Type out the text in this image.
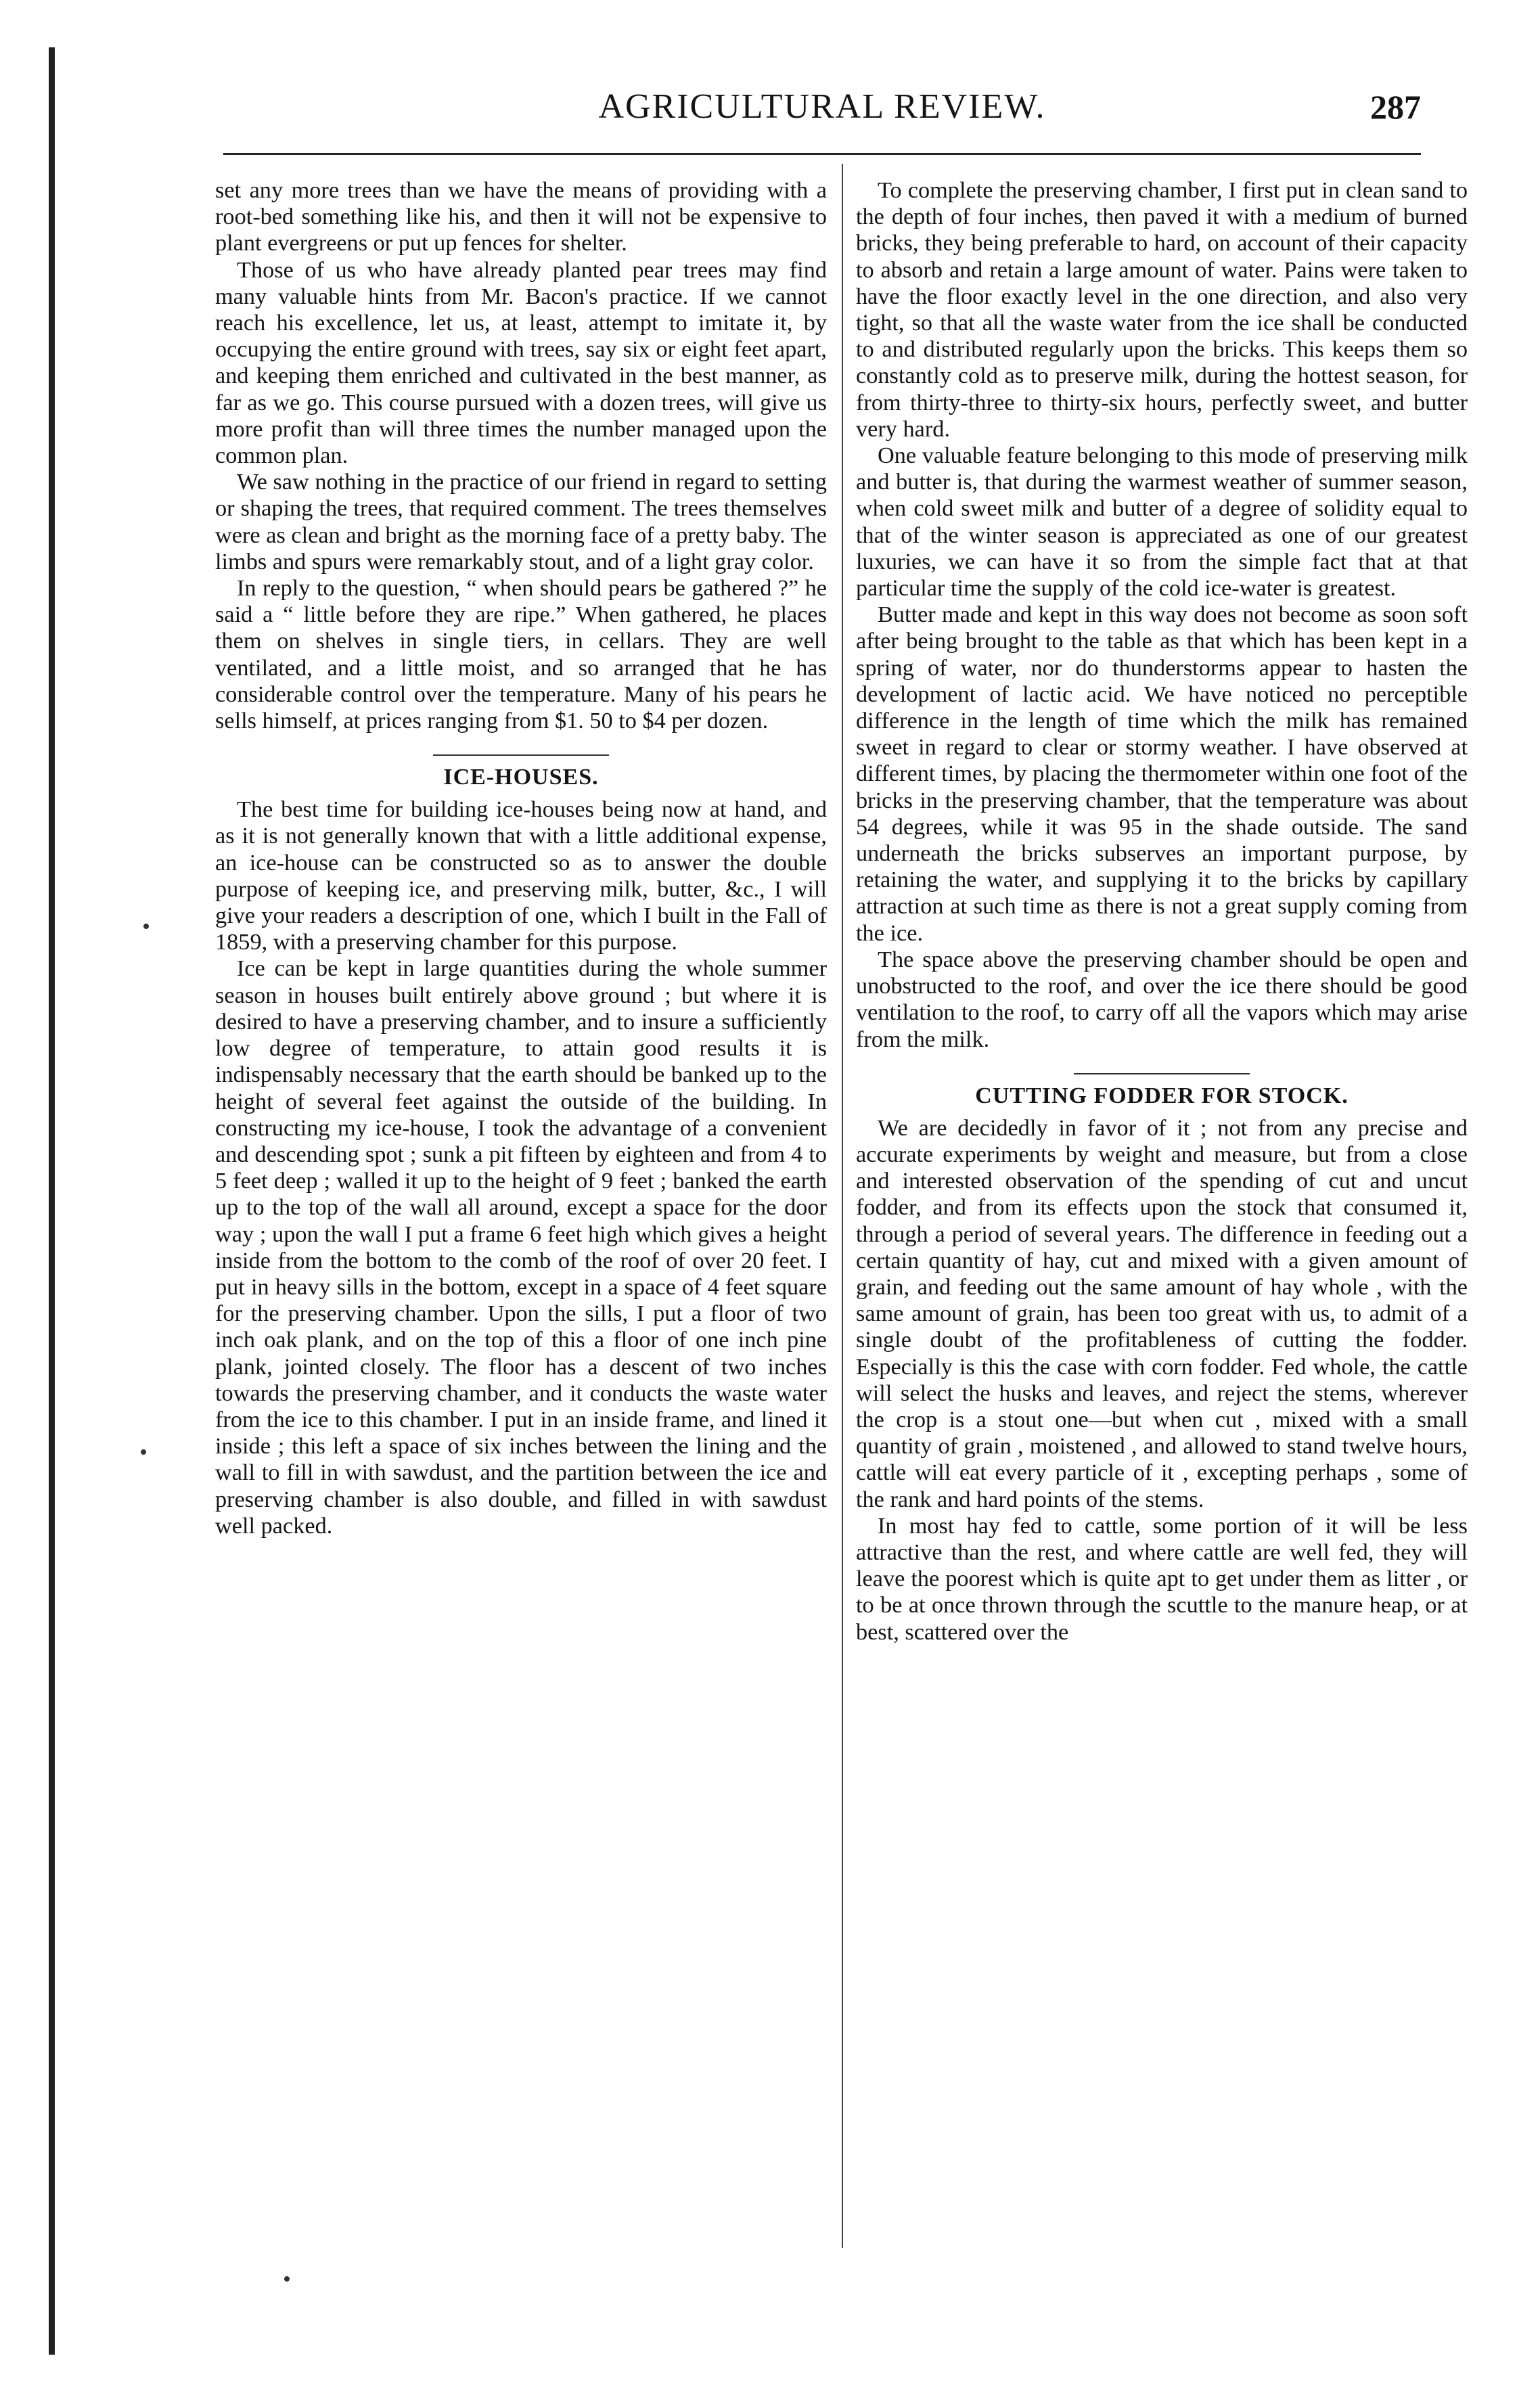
AGRICULTURAL REVIEW.	287

set any more trees than we have the means of providing with a root-bed something like his, and then it will not be expensive to plant evergreens or put up fences for shelter.

Those of us who have already planted pear trees may find many valuable hints from Mr. Bacon's practice. If we cannot reach his excellence, let us, at least, attempt to imitate it, by occupying the entire ground with trees, say six or eight feet apart, and keeping them enriched and cultivated in the best manner, as far as we go. This course pursued with a dozen trees, will give us more profit than will three times the number managed upon the common plan.

We saw nothing in the practice of our friend in regard to setting or shaping the trees, that required comment. The trees themselves were as clean and bright as the morning face of a pretty baby. The limbs and spurs were remarkably stout, and of a light gray color.

In reply to the question, “ when should pears be gathered ?” he said a “ little before they are ripe.” When gathered, he places them on shelves in single tiers, in cellars. They are well ventilated, and a little moist, and so arranged that he has considerable control over the temperature. Many of his pears he sells himself, at prices ranging from $1. 50 to $4 per dozen.

ICE-HOUSES.

The best time for building ice-houses being now at hand, and as it is not generally known that with a little additional expense, an ice-house can be constructed so as to answer the double purpose of keeping ice, and preserving milk, butter, &c., I will give your readers a description of one, which I built in the Fall of 1859, with a preserving chamber for this purpose.

Ice can be kept in large quantities during the whole summer season in houses built entirely above ground ; but where it is desired to have a preserving chamber, and to insure a sufficiently low degree of temperature, to attain good results it is indispensably necessary that the earth should be banked up to the height of several feet against the outside of the building. In constructing my ice-house, I took the advantage of a convenient and descending spot ; sunk a pit fifteen by eighteen and from 4 to 5 feet deep ; walled it up to the height of 9 feet ; banked the earth up to the top of the wall all around, except a space for the door way ; upon the wall I put a frame 6 feet high which gives a height inside from the bottom to the comb of the roof of over 20 feet. I put in heavy sills in the bottom, except in a space of 4 feet square for the preserving chamber. Upon the sills, I put a floor of two inch oak plank, and on the top of this a floor of one inch pine plank, jointed closely. The floor has a descent of two inches towards the preserving chamber, and it conducts the waste water from the ice to this chamber. I put in an inside frame, and lined it inside ; this left a space of six inches between the lining and the wall to fill in with sawdust, and the partition between the ice and preserving chamber is also double, and filled in with sawdust well packed.

To complete the preserving chamber, I first put in clean sand to the depth of four inches, then paved it with a medium of burned bricks, they being preferable to hard, on account of their capacity to absorb and retain a large amount of water. Pains were taken to have the floor exactly level in the one direction, and also very tight, so that all the waste water from the ice shall be conducted to and distributed regularly upon the bricks. This keeps them so constantly cold as to preserve milk, during the hottest season, for from thirty-three to thirty-six hours, perfectly sweet, and butter very hard.

One valuable feature belonging to this mode of preserving milk and butter is, that during the warmest weather of summer season, when cold sweet milk and butter of a degree of solidity equal to that of the winter season is appreciated as one of our greatest luxuries, we can have it so from the simple fact that at that particular time the supply of the cold ice-water is greatest.

Butter made and kept in this way does not become as soon soft after being brought to the table as that which has been kept in a spring of water, nor do thunderstorms appear to hasten the development of lactic acid. We have noticed no perceptible difference in the length of time which the milk has remained sweet in regard to clear or stormy weather. I have observed at different times, by placing the thermometer within one foot of the bricks in the preserving chamber, that the temperature was about 54 degrees, while it was 95 in the shade outside. The sand underneath the bricks subserves an important purpose, by retaining the water, and supplying it to the bricks by capillary attraction at such time as there is not a great supply coming from the ice.

The space above the preserving chamber should be open and unobstructed to the roof, and over the ice there should be good ventilation to the roof, to carry off all the vapors which may arise from the milk.

CUTTING FODDER FOR STOCK.

We are decidedly in favor of it ; not from any precise and accurate experiments by weight and measure, but from a close and interested observation of the spending of cut and uncut fodder, and from its effects upon the stock that consumed it, through a period of several years. The difference in feeding out a certain quantity of hay, cut and mixed with a given amount of grain, and feeding out the same amount of hay whole , with the same amount of grain, has been too great with us, to admit of a single doubt of the profitableness of cutting the fodder. Especially is this the case with corn fodder. Fed whole, the cattle will select the husks and leaves, and reject the stems, wherever the crop is a stout one—but when cut , mixed with a small quantity of grain , moistened , and allowed to stand twelve hours, cattle will eat every particle of it , excepting perhaps , some of the rank and hard points of the stems.

In most hay fed to cattle, some portion of it will be less attractive than the rest, and where cattle are well fed, they will leave the poorest which is quite apt to get under them as litter , or to be at once thrown through the scuttle to the manure heap, or at best, scattered over the
